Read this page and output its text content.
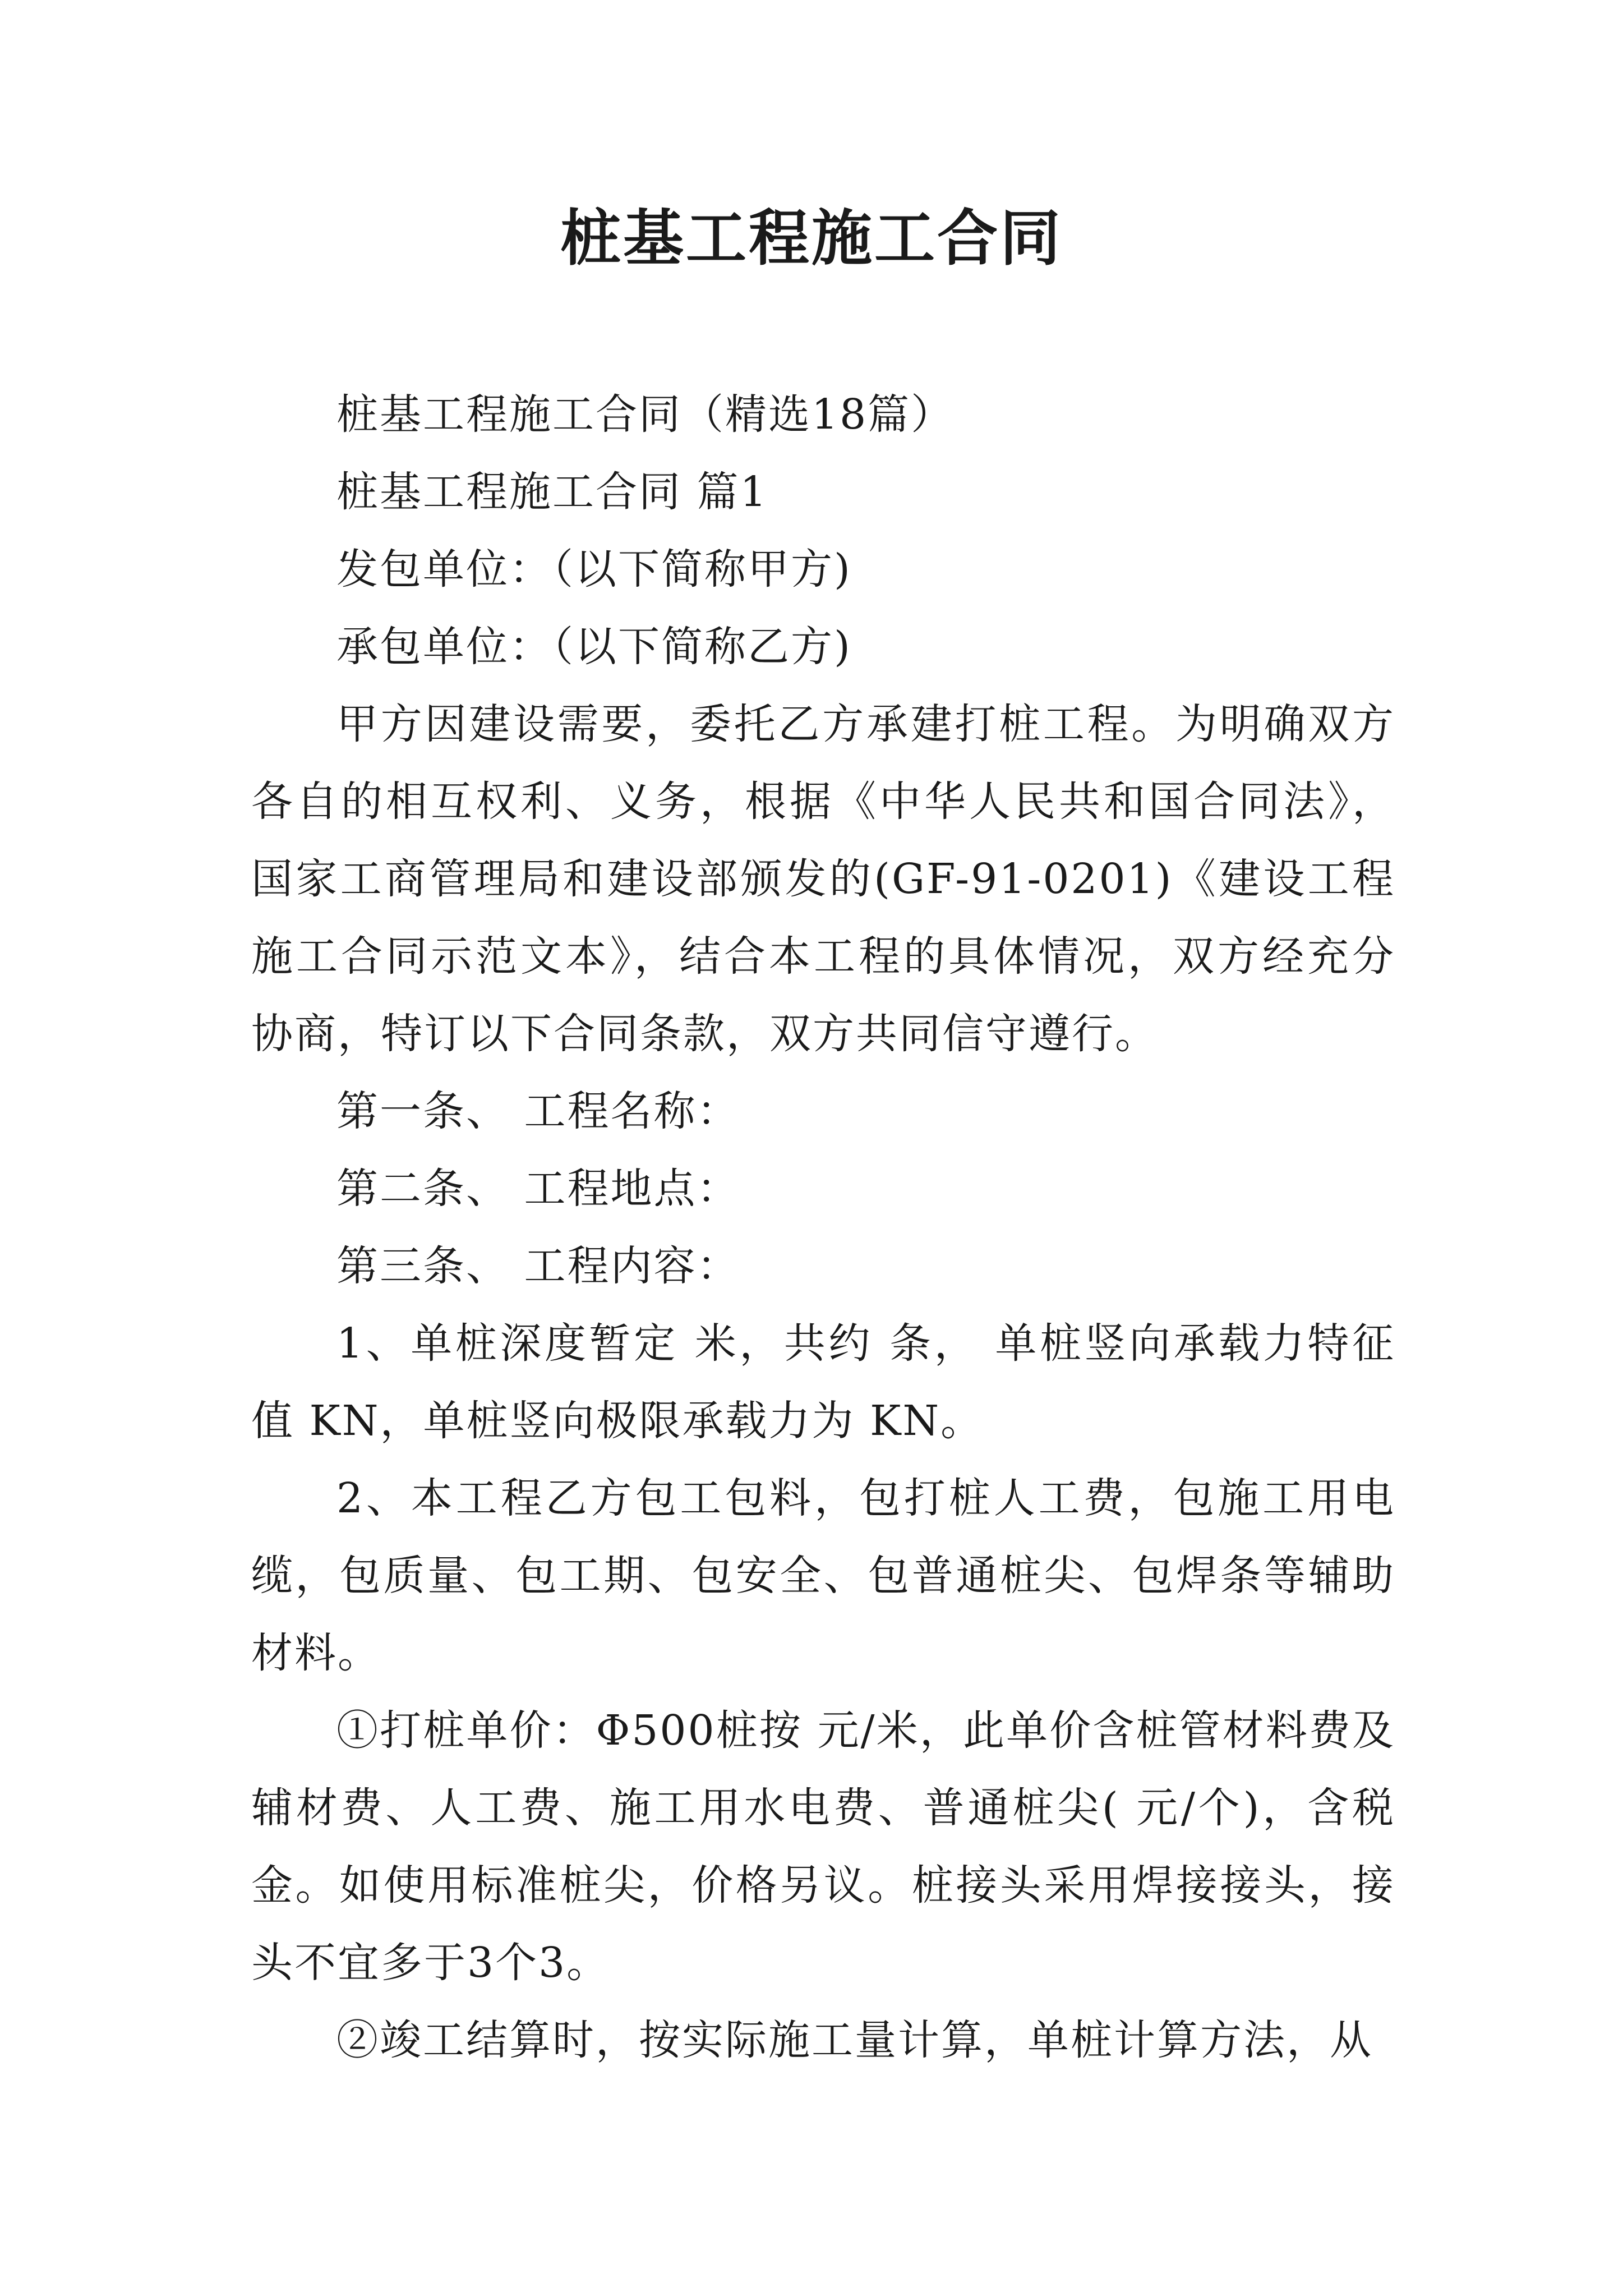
桩基工程施工合同

桩基工程施工合同（精选18篇）

桩基工程施工合同 篇1

发包单位：（以下简称甲方)

承包单位：（以下简称乙方)

甲方因建设需要，委托乙方承建打桩工程。为明确双方各自的相互权利、义务，根据《中华人民共和国合同法》，国家工商管理局和建设部颁发的(GF-91-0201)《建设工程施工合同示范文本》，结合本工程的具体情况，双方经充分协商，特订以下合同条款，双方共同信守遵行。

第一条、 工程名称：

第二条、 工程地点：

第三条、 工程内容：

1、单桩深度暂定 米，共约 条， 单桩竖向承载力特征值 KN，单桩竖向极限承载力为 KN。

2、本工程乙方包工包料，包打桩人工费，包施工用电缆，包质量、包工期、包安全、包普通桩尖、包焊条等辅助材料。

①打桩单价：Φ500桩按 元/米，此单价含桩管材料费及辅材费、人工费、施工用水电费、普通桩尖( 元/个)，含税金。如使用标准桩尖，价格另议。桩接头采用焊接接头，接头不宜多于3个3。

②竣工结算时，按实际施工量计算，单桩计算方法，从
